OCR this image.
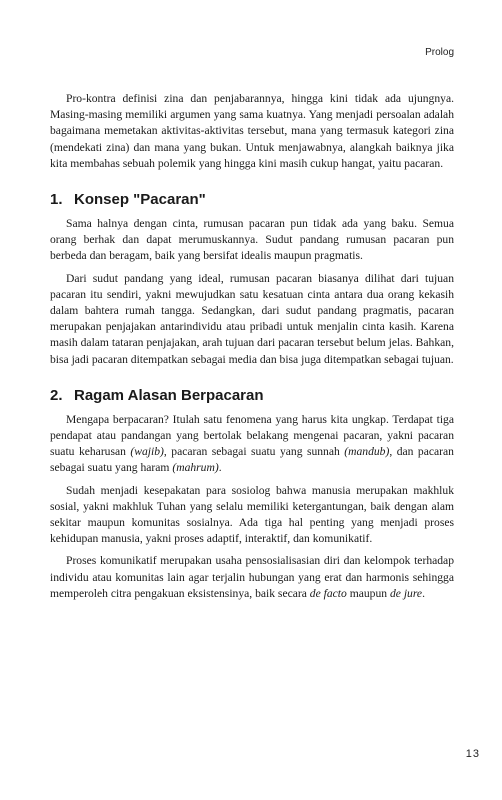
Prolog

Pro-kontra definisi zina dan penjabarannya, hingga kini tidak ada ujungnya. Masing-masing memiliki argumen yang sama kuatnya. Yang menjadi persoalan adalah bagaimana memetakan aktivitas-aktivitas tersebut, mana yang termasuk kategori zina (mendekati zina) dan mana yang bukan. Untuk menjawabnya, alangkah baiknya jika kita membahas sebuah polemik yang hingga kini masih cukup hangat, yaitu pacaran.

1. Konsep "Pacaran"

Sama halnya dengan cinta, rumusan pacaran pun tidak ada yang baku. Semua orang berhak dan dapat merumuskannya. Sudut pandang rumusan pacaran pun berbeda dan beragam, baik yang bersifat idealis maupun pragmatis.

Dari sudut pandang yang ideal, rumusan pacaran biasanya dilihat dari tujuan pacaran itu sendiri, yakni mewujudkan satu kesatuan cinta antara dua orang kekasih dalam bahtera rumah tangga. Sedangkan, dari sudut pandang pragmatis, pacaran merupakan penjajakan antarindividu atau pribadi untuk menjalin cinta kasih. Karena masih dalam tataran penjajakan, arah tujuan dari pacaran tersebut belum jelas. Bahkan, bisa jadi pacaran ditempatkan sebagai media dan bisa juga ditempatkan sebagai tujuan.

2. Ragam Alasan Berpacaran

Mengapa berpacaran? Itulah satu fenomena yang harus kita ungkap. Terdapat tiga pendapat atau pandangan yang bertolak belakang mengenai pacaran, yakni pacaran suatu keharusan (wajib), pacaran sebagai suatu yang sunnah (mandub), dan pacaran sebagai suatu yang haram (mahrum).

Sudah menjadi kesepakatan para sosiolog bahwa manusia merupakan makhluk sosial, yakni makhluk Tuhan yang selalu memiliki ketergantungan, baik dengan alam sekitar maupun komunitas sosialnya. Ada tiga hal penting yang menjadi proses kehidupan manusia, yakni proses adaptif, interaktif, dan komunikatif.

Proses komunikatif merupakan usaha pensosialisasian diri dan kelompok terhadap individu atau komunitas lain agar terjalin hubungan yang erat dan harmonis sehingga memperoleh citra pengakuan eksistensinya, baik secara de facto maupun de jure.

13
